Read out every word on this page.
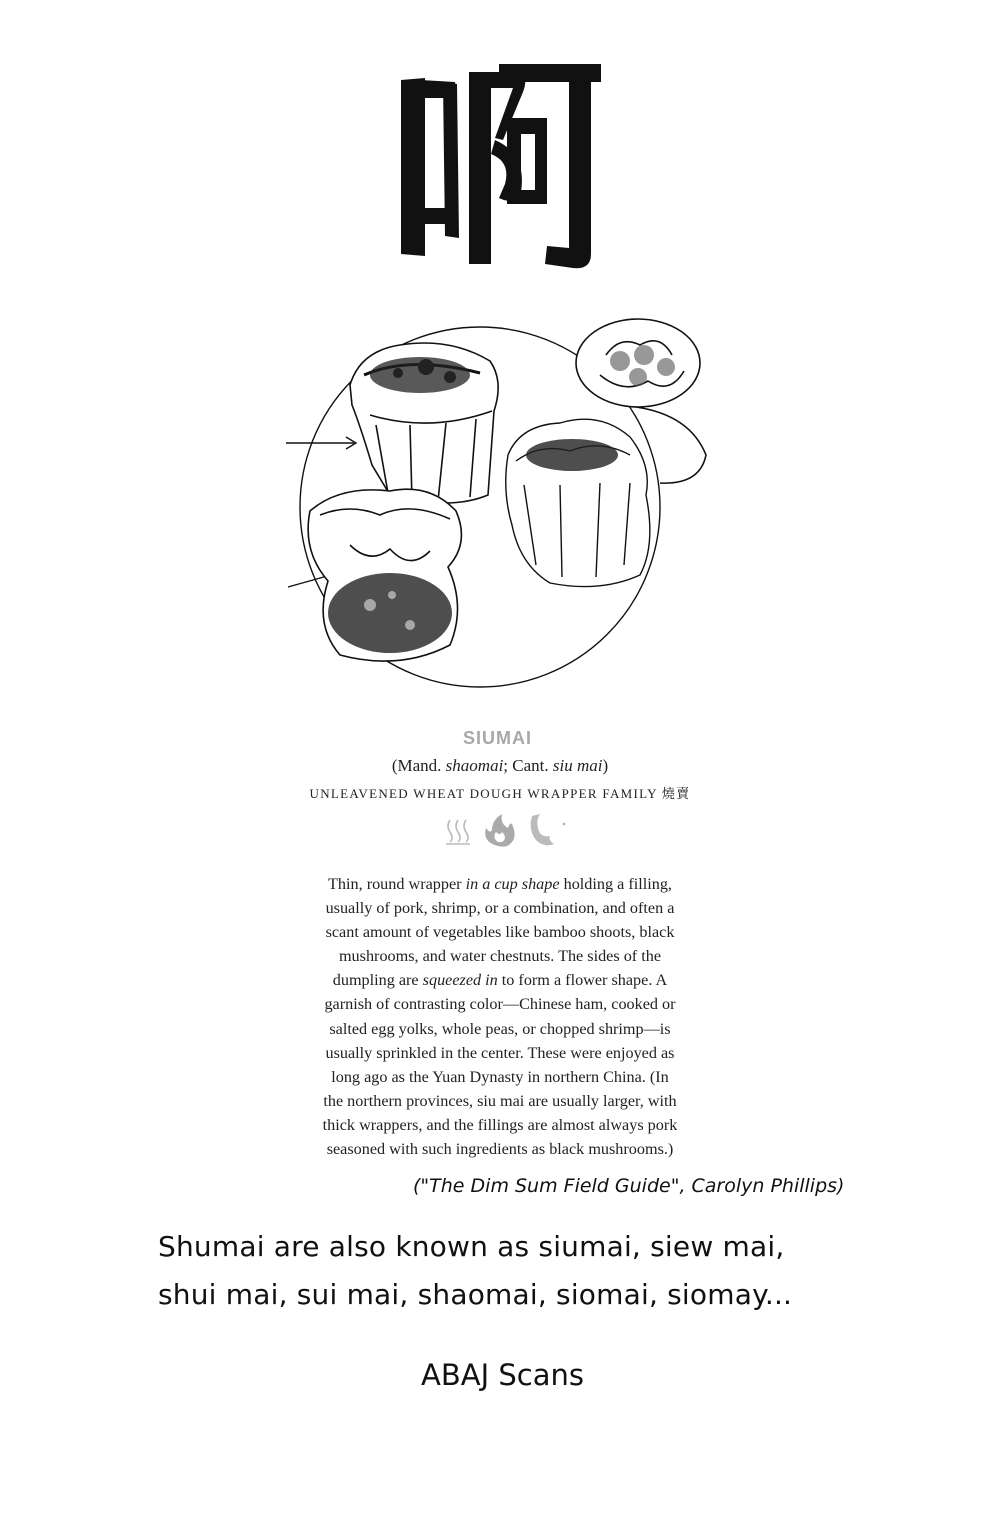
SIUMAI
(Mand. shaomai; Cant. siu mai)
UNLEAVENED WHEAT DOUGH WRAPPER FAMILY 燒賣
Thin, round wrapper in a cup shape holding a filling,
usually of pork, shrimp, or a combination, and often a
scant amount of vegetables like bamboo shoots, black
mushrooms, and water chestnuts. The sides of the
dumpling are squeezed in to form a flower shape. A
garnish of contrasting color—Chinese ham, cooked or
salted egg yolks, whole peas, or chopped shrimp—is
usually sprinkled in the center. These were enjoyed as
long ago as the Yuan Dynasty in northern China. (In
the northern provinces, siu mai are usually larger, with
thick wrappers, and the fillings are almost always pork
seasoned with such ingredients as black mushrooms.)
("The Dim Sum Field Guide", Carolyn Phillips)
Shumai are also known as siumai, siew mai,
shui mai, sui mai, shaomai, siomai, siomay...
ABAJ Scans
